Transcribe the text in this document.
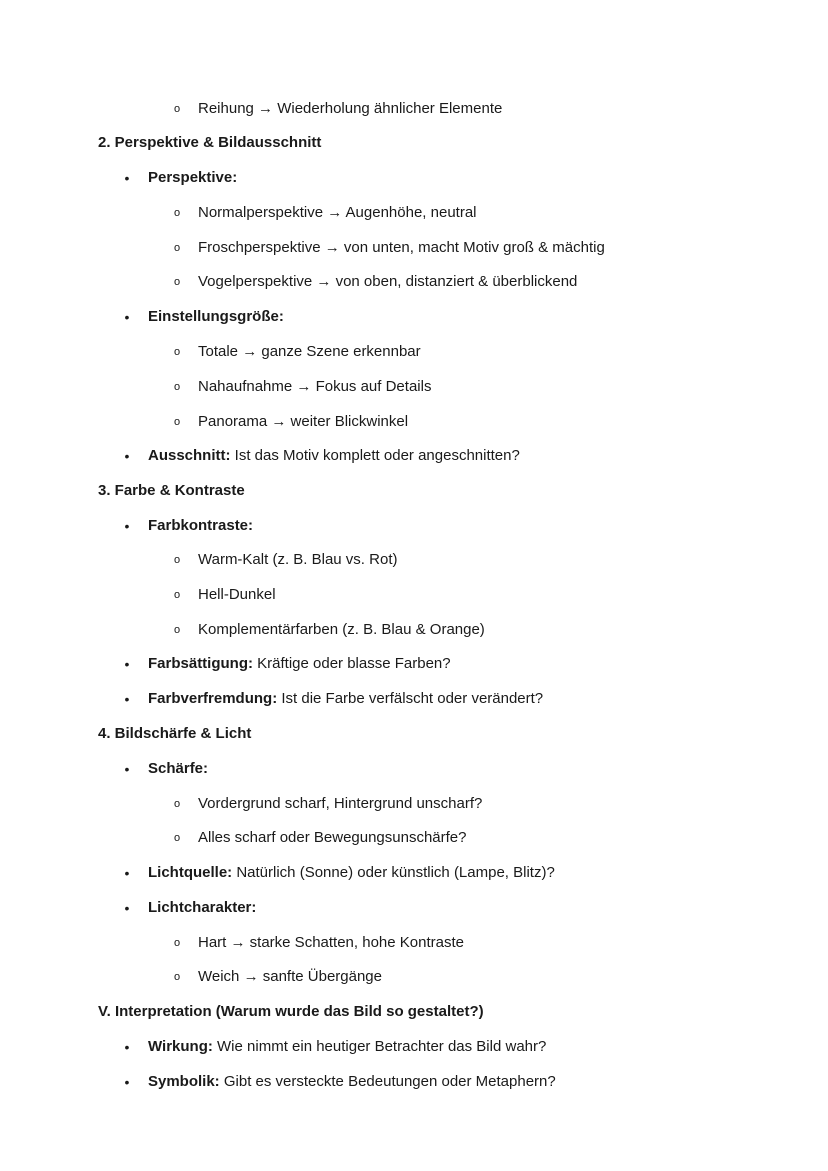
o Reihung → Wiederholung ähnlicher Elemente
2. Perspektive & Bildausschnitt
• Perspektive:
o Normalperspektive → Augenhöhe, neutral
o Froschperspektive → von unten, macht Motiv groß & mächtig
o Vogelperspektive → von oben, distanziert & überblickend
• Einstellungsgröße:
o Totale → ganze Szene erkennbar
o Nahaufnahme → Fokus auf Details
o Panorama → weiter Blickwinkel
• Ausschnitt: Ist das Motiv komplett oder angeschnitten?
3. Farbe & Kontraste
• Farbkontraste:
o Warm-Kalt (z. B. Blau vs. Rot)
o Hell-Dunkel
o Komplementärfarben (z. B. Blau & Orange)
• Farbsättigung: Kräftige oder blasse Farben?
• Farbverfremdung: Ist die Farbe verfälscht oder verändert?
4. Bildschärfe & Licht
• Schärfe:
o Vordergrund scharf, Hintergrund unscharf?
o Alles scharf oder Bewegungsunschärfe?
• Lichtquelle: Natürlich (Sonne) oder künstlich (Lampe, Blitz)?
• Lichtcharakter:
o Hart → starke Schatten, hohe Kontraste
o Weich → sanfte Übergänge
V. Interpretation (Warum wurde das Bild so gestaltet?)
• Wirkung: Wie nimmt ein heutiger Betrachter das Bild wahr?
• Symbolik: Gibt es versteckte Bedeutungen oder Metaphern?
